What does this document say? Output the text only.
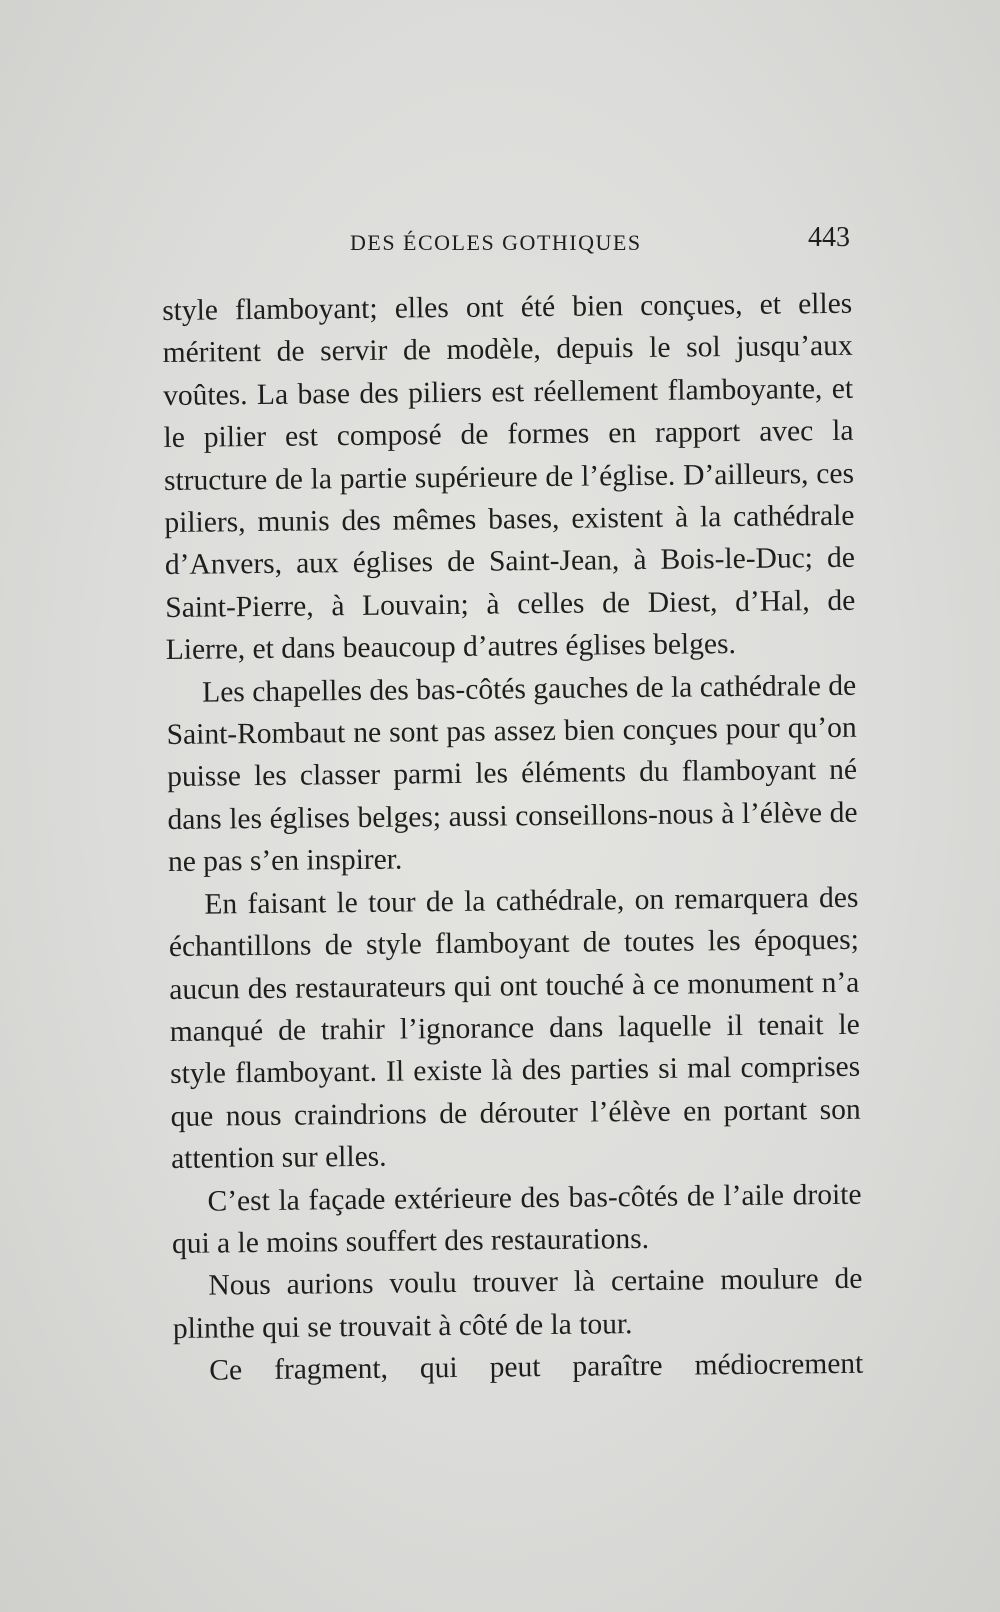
DES ÉCOLES GOTHIQUES	443

style flamboyant; elles ont été bien conçues, et elles méritent de servir de modèle, depuis le sol jusqu’aux voûtes. La base des piliers est réellement flamboyante, et le pilier est composé de formes en rapport avec la structure de la partie supérieure de l’église. D’ailleurs, ces piliers, munis des mêmes bases, existent à la cathédrale d’Anvers, aux églises de Saint-Jean, à Bois-le-Duc; de Saint-Pierre, à Louvain; à celles de Diest, d’Hal, de Lierre, et dans beaucoup d’autres églises belges.

Les chapelles des bas-côtés gauches de la cathédrale de Saint-Rombaut ne sont pas assez bien conçues pour qu’on puisse les classer parmi les éléments du flamboyant né dans les églises belges; aussi conseillons-nous à l’élève de ne pas s’en inspirer.

En faisant le tour de la cathédrale, on remarquera des échantillons de style flamboyant de toutes les époques; aucun des restaurateurs qui ont touché à ce monument n’a manqué de trahir l’ignorance dans laquelle il tenait le style flamboyant. Il existe là des parties si mal comprises que nous craindrions de dérouter l’élève en portant son attention sur elles.

C’est la façade extérieure des bas-côtés de l’aile droite qui a le moins souffert des restaurations.

Nous aurions voulu trouver là certaine moulure de plinthe qui se trouvait à côté de la tour.

Ce fragment, qui peut paraître médiocrement
